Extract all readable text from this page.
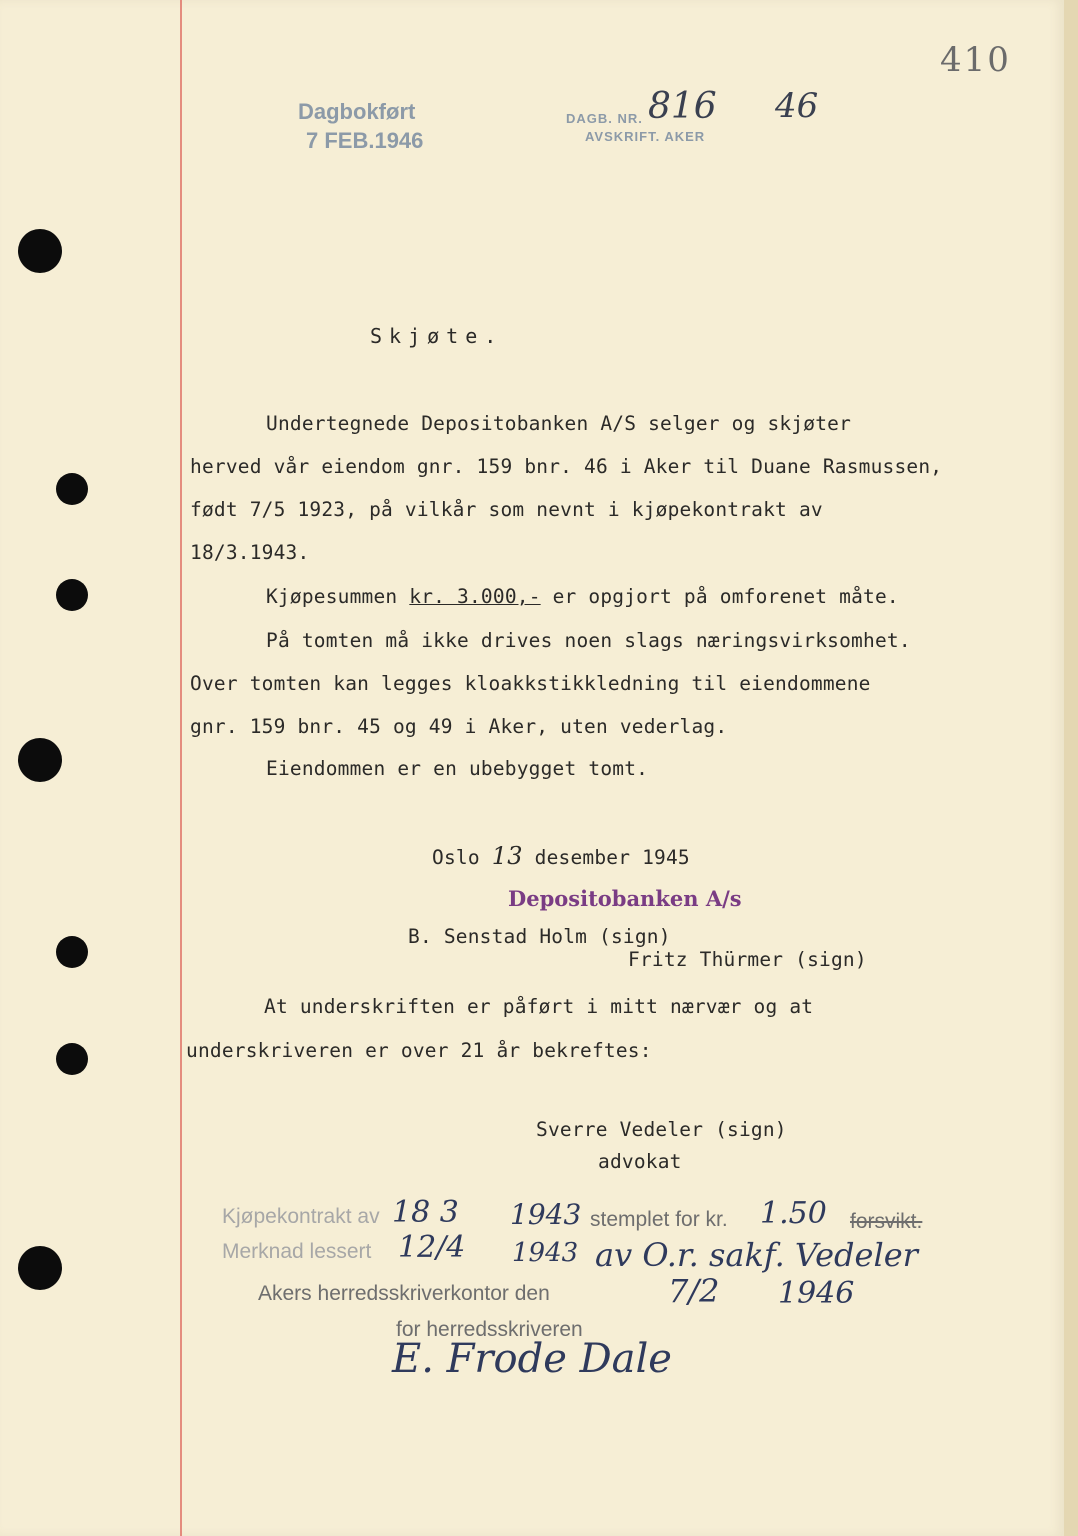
410
Dagbokført
7 FEB.1946
DAGB. NR. 816 46
AVSKRIFT. AKER
Skjøte.
Undertegnede Depositobanken A/S selger og skjøter
herved vår eiendom gnr. 159 bnr. 46 i Aker til Duane Rasmussen,
født 7/5 1923, på vilkår som nevnt i kjøpekontrakt av
18/3.1943.
Kjøpesummen kr. 3.000,- er opgjort på omforenet måte.
På tomten må ikke drives noen slags næringsvirksomhet.
Over tomten kan legges kloakkstikkledning til eiendommene
gnr. 159 bnr. 45 og 49 i Aker, uten vederlag.
Eiendommen er en ubebygget tomt.
Oslo 13 desember 1945
Depositobanken A/s
B. Senstad Holm (sign)
Fritz Thürmer (sign)
At underskriften er påført i mitt nærvær og at
underskriveren er over 21 år bekreftes:
Sverre Vedeler (sign)
advokat
Kjøpekontrakt av 18 3 1943 stemplet for kr. 1.50 forsvikt.
Merknad lessert 12/4 1943 av O.r. sakf. Vedeler
Akers herredsskriverkontor den	7/2 1946
for herredsskriveren
E. Frode Dale
